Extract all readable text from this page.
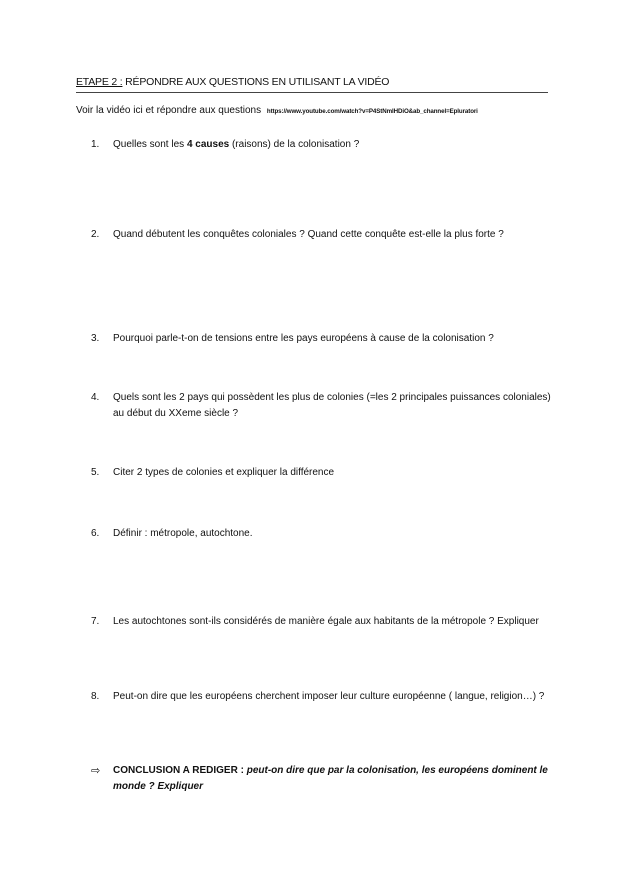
ETAPE 2 : RÉPONDRE AUX QUESTIONS EN UTILISANT LA VIDÉO
Voir la vidéo ici et répondre aux questions https://www.youtube.com/watch?v=P4StNmIHDiO&ab_channel=Epluratori
1.	Quelles sont les 4 causes (raisons) de la colonisation ?
2.	Quand débutent les conquêtes coloniales ? Quand cette conquête est-elle la plus forte ?
3.	Pourquoi parle-t-on de tensions entre les pays européens à cause de la colonisation ?
4.	Quels sont les 2 pays qui possèdent les plus de colonies (=les 2 principales puissances coloniales) au début du XXeme siècle ?
5.	Citer 2 types de colonies et expliquer la différence
6.	Définir : métropole, autochtone.
7.	Les autochtones sont-ils considérés de manière égale aux habitants de la métropole ? Expliquer
8.	Peut-on dire que les européens cherchent imposer leur culture européenne ( langue, religion…) ?
⇨	CONCLUSION A REDIGER : peut-on dire que par la colonisation, les européens dominent le monde ? Expliquer
